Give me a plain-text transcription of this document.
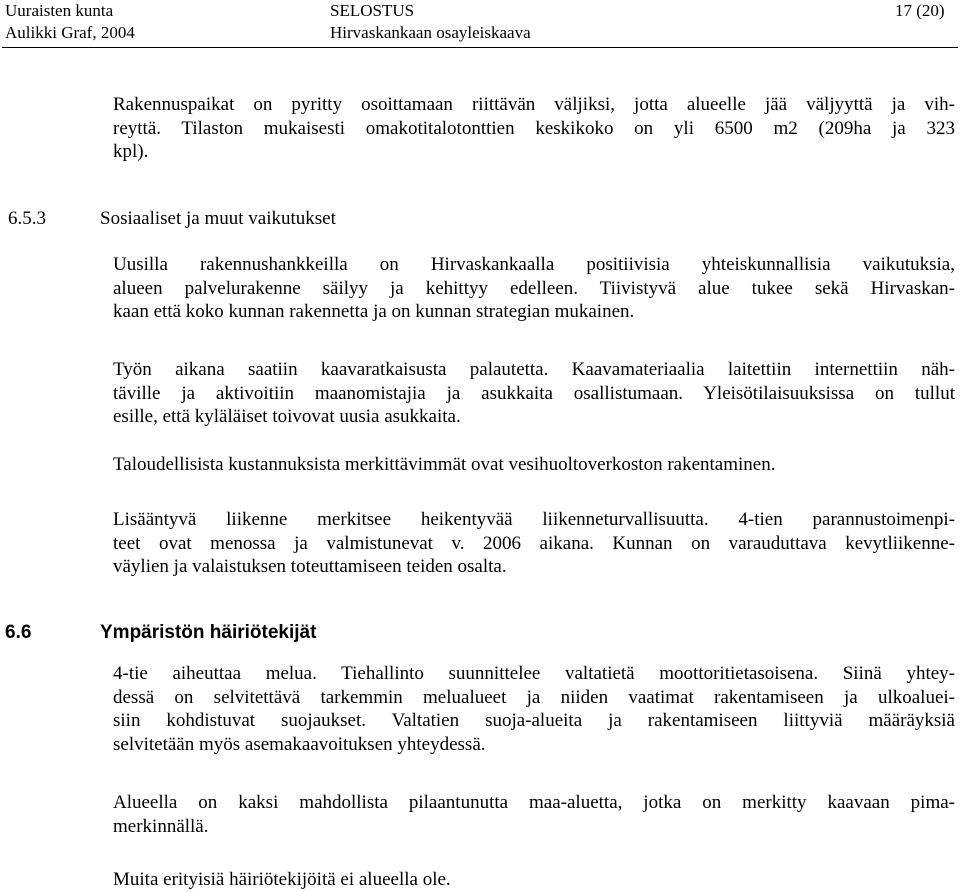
Uuraisten kunta
Aulikki Graf, 2004
SELOSTUS
Hirvaskankaan osayleiskaava
17 (20)
Rakennuspaikat on pyritty osoittamaan riittävän väljiksi, jotta alueelle jää väljyyttä ja vih-
reyttä. Tilaston mukaisesti omakotitalotonttien keskikoko on yli 6500 m2 (209ha ja 323
kpl).
6.5.3	Sosiaaliset ja muut vaikutukset
Uusilla rakennushankkeilla on Hirvaskankaalla positiivisia yhteiskunnallisia vaikutuksia,
alueen palvelurakenne säilyy ja kehittyy edelleen. Tiivistyvä alue tukee sekä Hirvaskan-
kaan että koko kunnan rakennetta ja on kunnan strategian mukainen.
Työn aikana saatiin kaavaratkaisusta palautetta. Kaavamateriaalia laitettiin internettiin näh-
täville ja aktivoitiin maanomistajia ja asukkaita osallistumaan. Yleisötilaisuuksissa on tullut
esille, että kyläläiset toivovat uusia asukkaita.
Taloudellisista kustannuksista merkittävimmät ovat vesihuoltoverkoston rakentaminen.
Lisääntyvä liikenne merkitsee heikentyvää liikenneturvallisuutta. 4-tien parannustoimenpi-
teet ovat menossa ja valmistunevat v. 2006 aikana. Kunnan on varauduttava kevytliikenne-
väylien ja valaistuksen toteuttamiseen teiden osalta.
6.6	Ympäristön häiriötekijät
4-tie aiheuttaa melua. Tiehallinto suunnittelee valtatietä moottoritietasoisena. Siinä yhtey-
dessä on selvitettävä tarkemmin melualueet ja niiden vaatimat rakentamiseen ja ulkoaluei-
siin kohdistuvat suojaukset. Valtatien suoja-alueita ja rakentamiseen liittyviä määräyksiä
selvitetään myös asemakaavoituksen yhteydessä.
Alueella on kaksi mahdollista pilaantunutta maa-aluetta, jotka on merkitty kaavaan pima-
merkinnällä.
Muita erityisiä häiriötekijöitä ei alueella ole.
